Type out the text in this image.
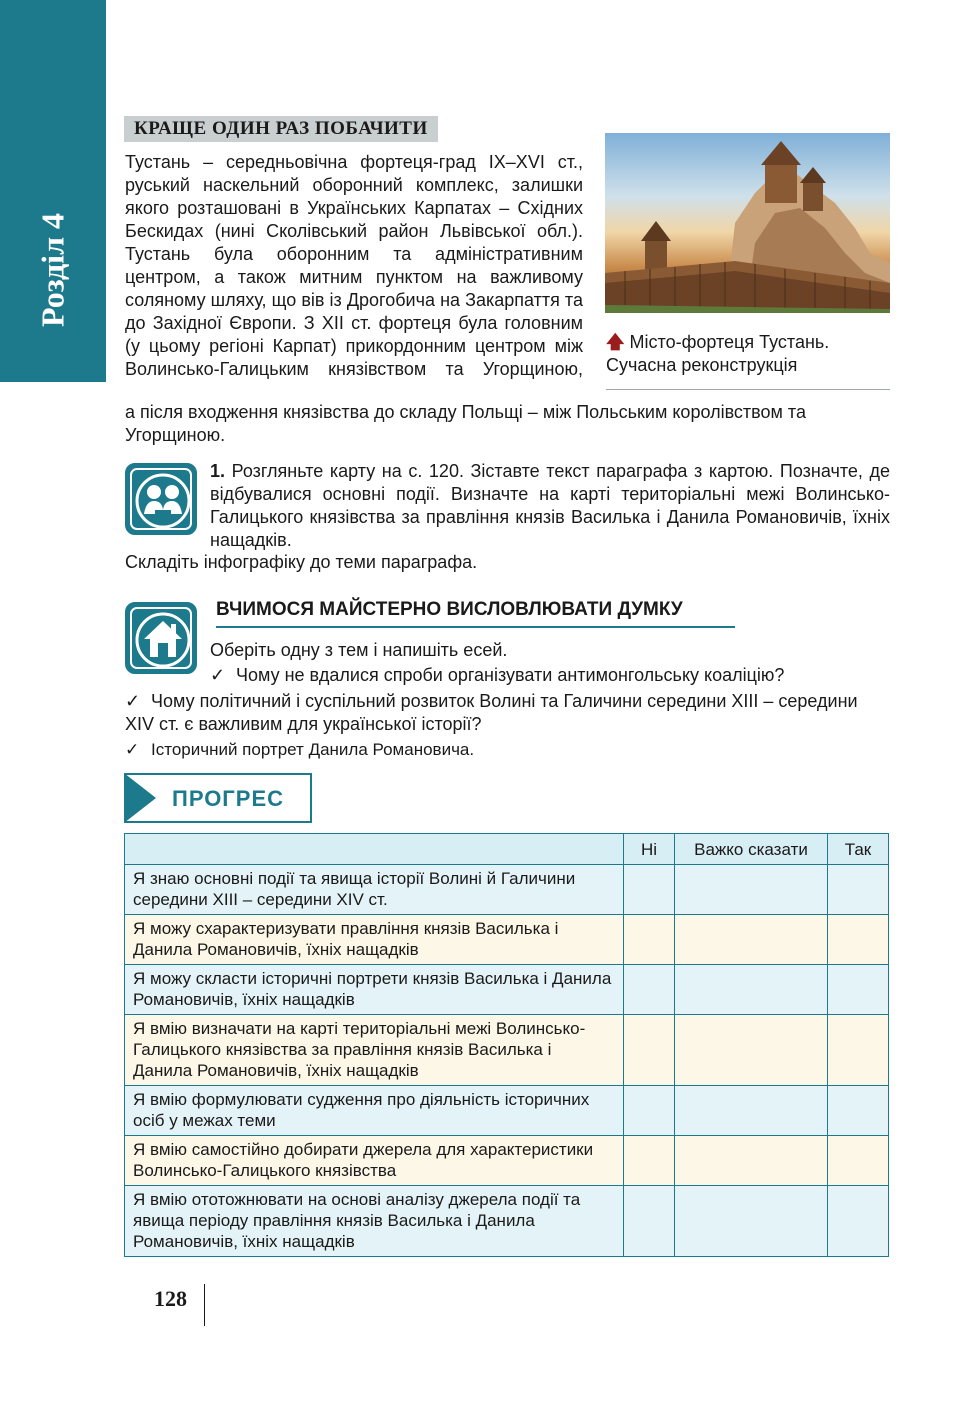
Розділ 4
КРАЩЕ ОДИН РАЗ ПОБАЧИТИ
Тустань – середньовічна фортеця-град IX–XVI ст., руський наскельний оборонний комплекс, залишки якого розташовані в Українських Карпатах – Східних Бескидах (нині Сколівський район Львівської обл.). Тустань була оборонним та адміністративним центром, а також митним пунктом на важливому соляному шляху, що вів із Дрогобича на Закарпаття та до Західної Європи. З XII ст. фортеця була головним (у цьому регіоні Карпат) прикордонним центром між Волинсько-Галицьким князівством та Угорщиною,
а після входження князівства до складу Польщі – між Польським королівством та Угорщиною.
🡅 Місто-фортеця Тустань.
Сучасна реконструкція
1. Розгляньте карту на с. 120. Зіставте текст параграфа з картою. Позначте, де відбувалися основні події. Визначте на карті територіальні межі Волинсько-Галицького князівства за правління князів Василька і Данила Романовичів, їхніх нащадків.
Складіть інфографіку до теми параграфа.
ВЧИМОСЯ МАЙСТЕРНО ВИСЛОВЛЮВАТИ ДУМКУ
Оберіть одну з тем і напишіть есей.
✓ Чому не вдалися спроби організувати антимонгольську коаліцію?
✓ Чому політичний і суспільний розвиток Волині та Галичини середини XIII – середини XIV ст. є важливим для української історії?
✓ Історичний портрет Данила Романовича.
ПРОГРЕС
	Ні	Важко сказати	Так
Я знаю основні події та явища історії Волині й Галичини середини XIII – середини XIV ст.			
Я можу схарактеризувати правління князів Василька і Данила Романовичів, їхніх нащадків			
Я можу скласти історичні портрети князів Василька і Данила Романовичів, їхніх нащадків			
Я вмію визначати на карті територіальні межі Волинсько-Галицького князівства за правління князів Василька і Данила Романовичів, їхніх нащадків			
Я вмію формулювати судження про діяльність історичних осіб у межах теми			
Я вмію самостійно добирати джерела для характеристики Волинсько-Галицького князівства			
Я вмію ототожнювати на основі аналізу джерела події та явища періоду правління князів Василька і Данила Романовичів, їхніх нащадків			
128
